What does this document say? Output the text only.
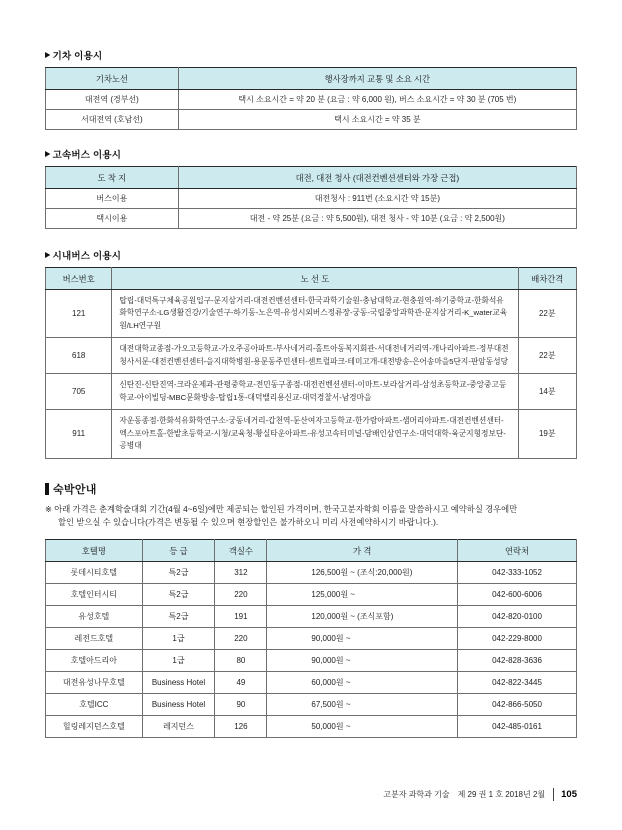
▶ 기차 이용시
기차노선	행사장까지 교통 및 소요 시간
대전역 (경부선)	택시 소요시간 = 약 20 분 (요금 : 약 6,000 원), 버스 소요시간 = 약 30 분 (705 번)
서대전역 (호남선)	택시 소요시간 = 약 35 분
▶ 고속버스 이용시
도 착 지	대전, 대전 청사 (대전컨벤션센터와 가장 근접)
버스이용	대전청사 : 911번 (소요시간 약 15분)
택시이용	대전 - 약 25분 (요금 : 약 5,500원), 대전 청사 - 약 10분 (요금 : 약 2,500원)
▶ 시내버스 이용시
버스번호	노 선 도	배차간격
121	탑립-대덕특구체육공원입구-문지삼거리-대전컨벤션센터-한국과학기술원-충남대학교-현충원역-하기중학교-한화석유화학연구소-LG생활건강/기술연구-하기동-노은역-유성시외버스정류장-궁동-국립중앙과학관-문지삼거리-K_water교육원/LH연구원	22분
618	대전대학교종점-가오고등학교-가오주공아파트-부사네거리-홀트아동복지회관-서대전네거리역-개나리아파트-정부대전청사서문-대전컨벤션센터-을지대학병원-용문동주민센터-센트럴파크-테미고개-대전방송-은어송마을5단지-판암동성당	22분
705	신탄진-신탄진역-크라운제과-관평중학교-전민동구종점-대전컨벤션센터-이마트-보라삼거리-삼성초등학교-중앙중고등학교-아이빌딩-MBC문화방송-탑립1통-대덕밸리용신교-대덕경찰서-남경마을	14분
911	자운동종점-한화석유화학연구소-궁동네거리-갑천역-둔산여자고등학교-한가람아파트-샘머리아파트-대전컨벤션센터-엑스포아트홀-한밭초등학교-시청/교육청-황실타운아파트-유성고속터미널-담배인삼연구소-대덕대학-육군지형정보단-공병대	19분
숙박안내

※ 아래 가격은 춘계학술대회 기간(4월 4~6일)에만 제공되는 할인된 가격이며, 한국고분자학회 이름을 말씀하시고 예약하실 경우에만
할인 받으실 수 있습니다(가격은 변동될 수 있으며 현장할인은 불가하오니 미리 사전예약하시기 바랍니다.).

호텔명	등 급	객실수	가 격	연락처
롯데시티호텔	특2급	312	126,500원 ~ (조식:20,000원)	042-333-1052
호텔인터시티	특2급	220	125,000원 ~	042-600-6006
유성호텔	특2급	191	120,000원 ~ (조식포함)	042-820-0100
레전드호텔	1급	220	90,000원 ~	042-229-8000
호텔아드리아	1급	80	90,000원 ~	042-828-3636
대전유성나무호텔	Business Hotel	49	60,000원 ~	042-822-3445
호텔ICC	Business Hotel	90	67,500원 ~	042-866-5050
힐링레지던스호텔	레지던스	126	50,000원 ~	042-485-0161
고분자 과학과 기술 제 29 권 1 호 2018년 2월 105
